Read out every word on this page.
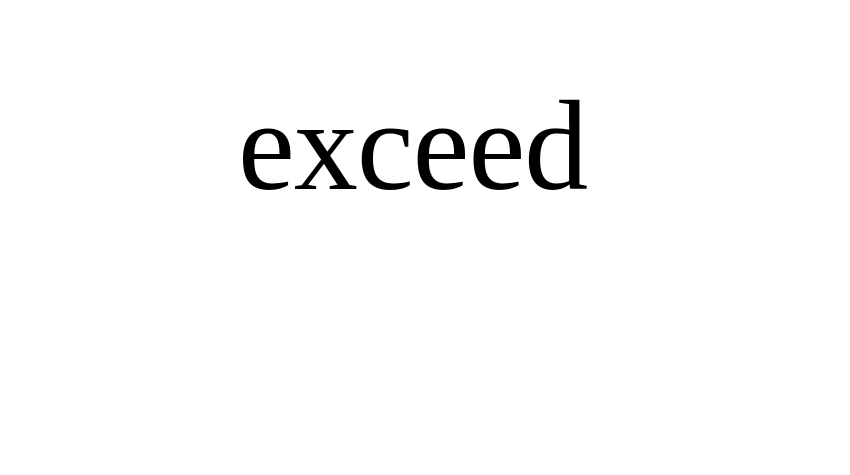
exceed
